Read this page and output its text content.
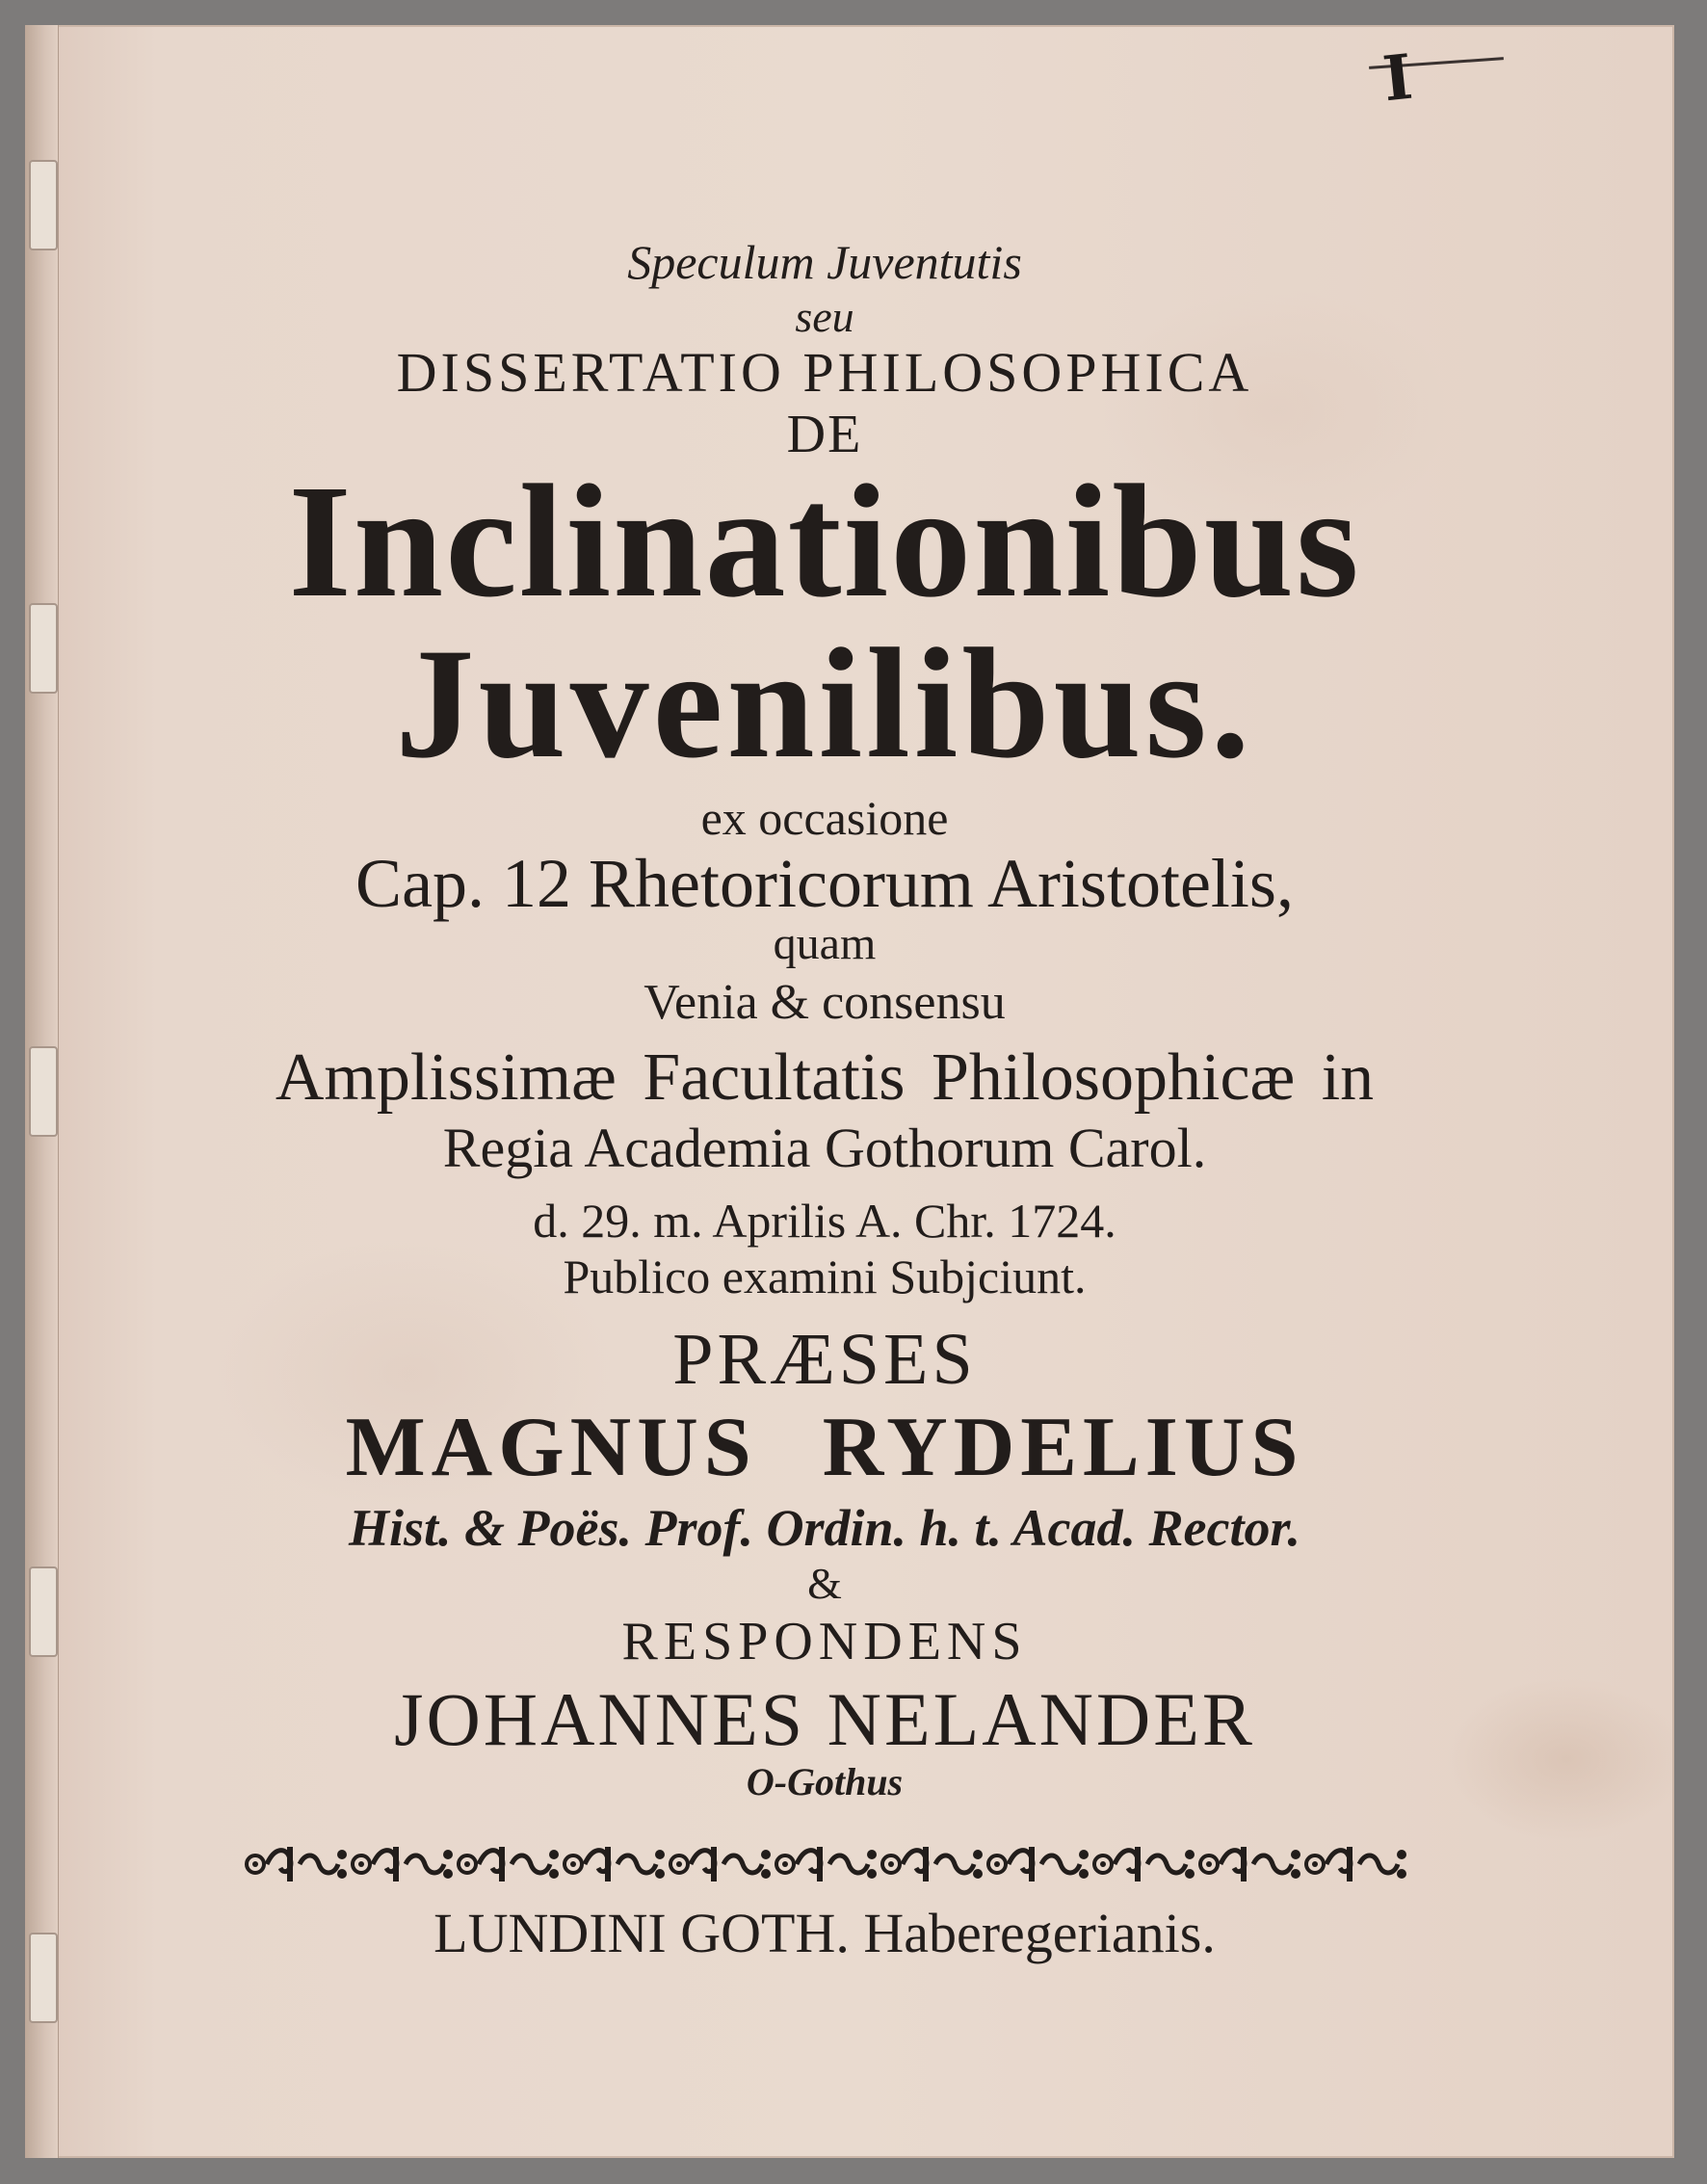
I
Speculum Juventutis
seu
DISSERTATIO PHILOSOPHICA
DE
Inclinationibus
Juvenilibus.
ex occasione
Cap. 12 Rhetoricorum Aristotelis,
quam
Venia & consensu
Amplissimæ Facultatis Philosophicæ in
Regia Academia Gothorum Carol.
d. 29. m. Aprilis A. Chr. 1724.
Publico examini Subjciunt.
PRÆSES
MAGNUS RYDELIUS
Hist. & Poës. Prof. Ordin. h. t. Acad. Rector.
&
RESPONDENS
JOHANNES NELANDER
O-Gothus
LUNDINI GOTH. Haberegerianis.
